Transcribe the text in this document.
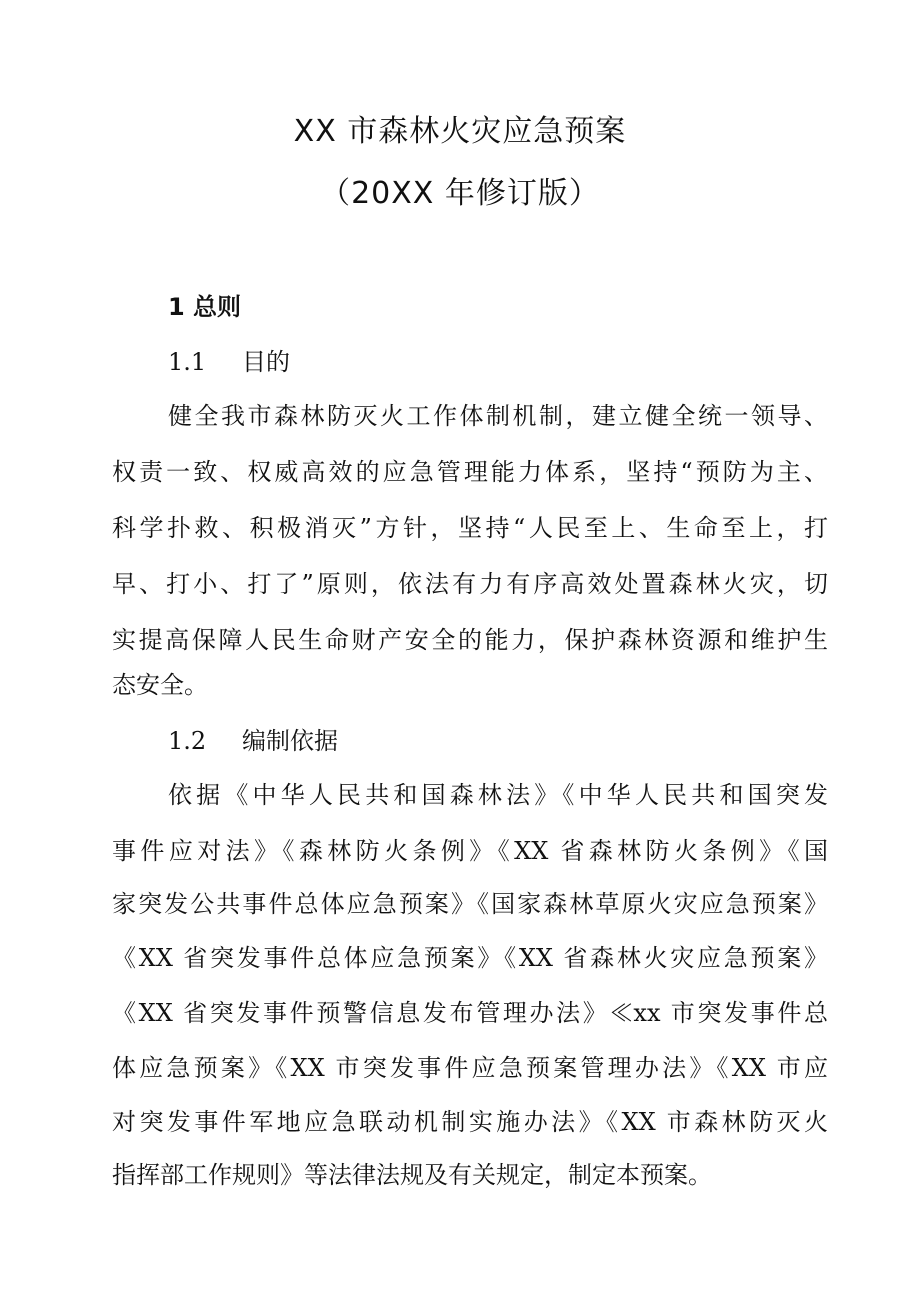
XX 市森林火灾应急预案
（20XX 年修订版）
1 总则
1.1 目的
健全我市森林防灭火工作体制机制，建立健全统一领导、
权责一致、权威高效的应急管理能力体系，坚持“预防为主、
科学扑救、积极消灭”方针，坚持“人民至上、生命至上，打
早、打小、打了”原则，依法有力有序高效处置森林火灾，切
实提高保障人民生命财产安全的能力，保护森林资源和维护生
态安全。
1.2 编制依据
依据《中华人民共和国森林法》《中华人民共和国突发
事件应对法》《森林防火条例》《XX 省森林防火条例》《国
家突发公共事件总体应急预案》《国家森林草原火灾应急预案》
《XX 省突发事件总体应急预案》《XX 省森林火灾应急预案》
《XX 省突发事件预警信息发布管理办法》≪xx 市突发事件总
体应急预案》《XX 市突发事件应急预案管理办法》《XX 市应
对突发事件军地应急联动机制实施办法》《XX 市森林防灭火
指挥部工作规则》等法律法规及有关规定，制定本预案。
